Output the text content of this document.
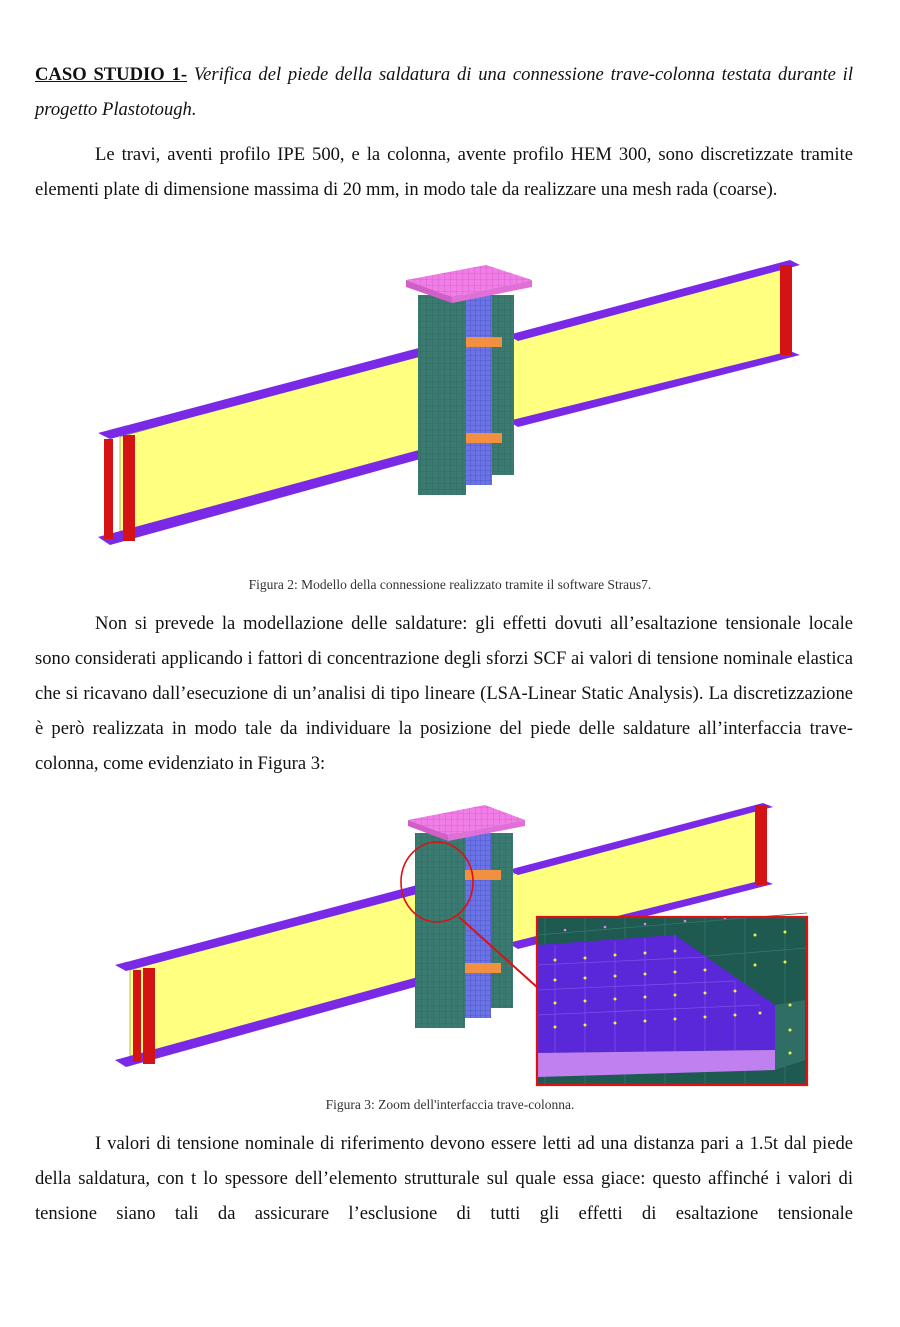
CASO STUDIO 1- Verifica del piede della saldatura di una connessione trave-colonna testata durante il progetto Plastotough.

Le travi, aventi profilo IPE 500, e la colonna, avente profilo HEM 300, sono discretizzate tramite elementi plate di dimensione massima di 20 mm, in modo tale da realizzare una mesh rada (coarse).

Figura 2: Modello della connessione realizzato tramite il software Straus7.

Non si prevede la modellazione delle saldature: gli effetti dovuti all’esaltazione tensionale locale sono considerati applicando i fattori di concentrazione degli sforzi SCF ai valori di tensione nominale elastica che si ricavano dall’esecuzione di un’analisi di tipo lineare (LSA-Linear Static Analysis). La discretizzazione è però realizzata in modo tale da individuare la posizione del piede delle saldature all’interfaccia trave-colonna, come evidenziato in Figura 3:

Figura 3: Zoom dell'interfaccia trave-colonna.

I valori di tensione nominale di riferimento devono essere letti ad una distanza pari a 1.5t dal piede della saldatura, con t lo spessore dell’elemento strutturale sul quale essa giace: questo affinché i valori di tensione siano tali da assicurare l’esclusione di tutti gli effetti di esaltazione tensionale
